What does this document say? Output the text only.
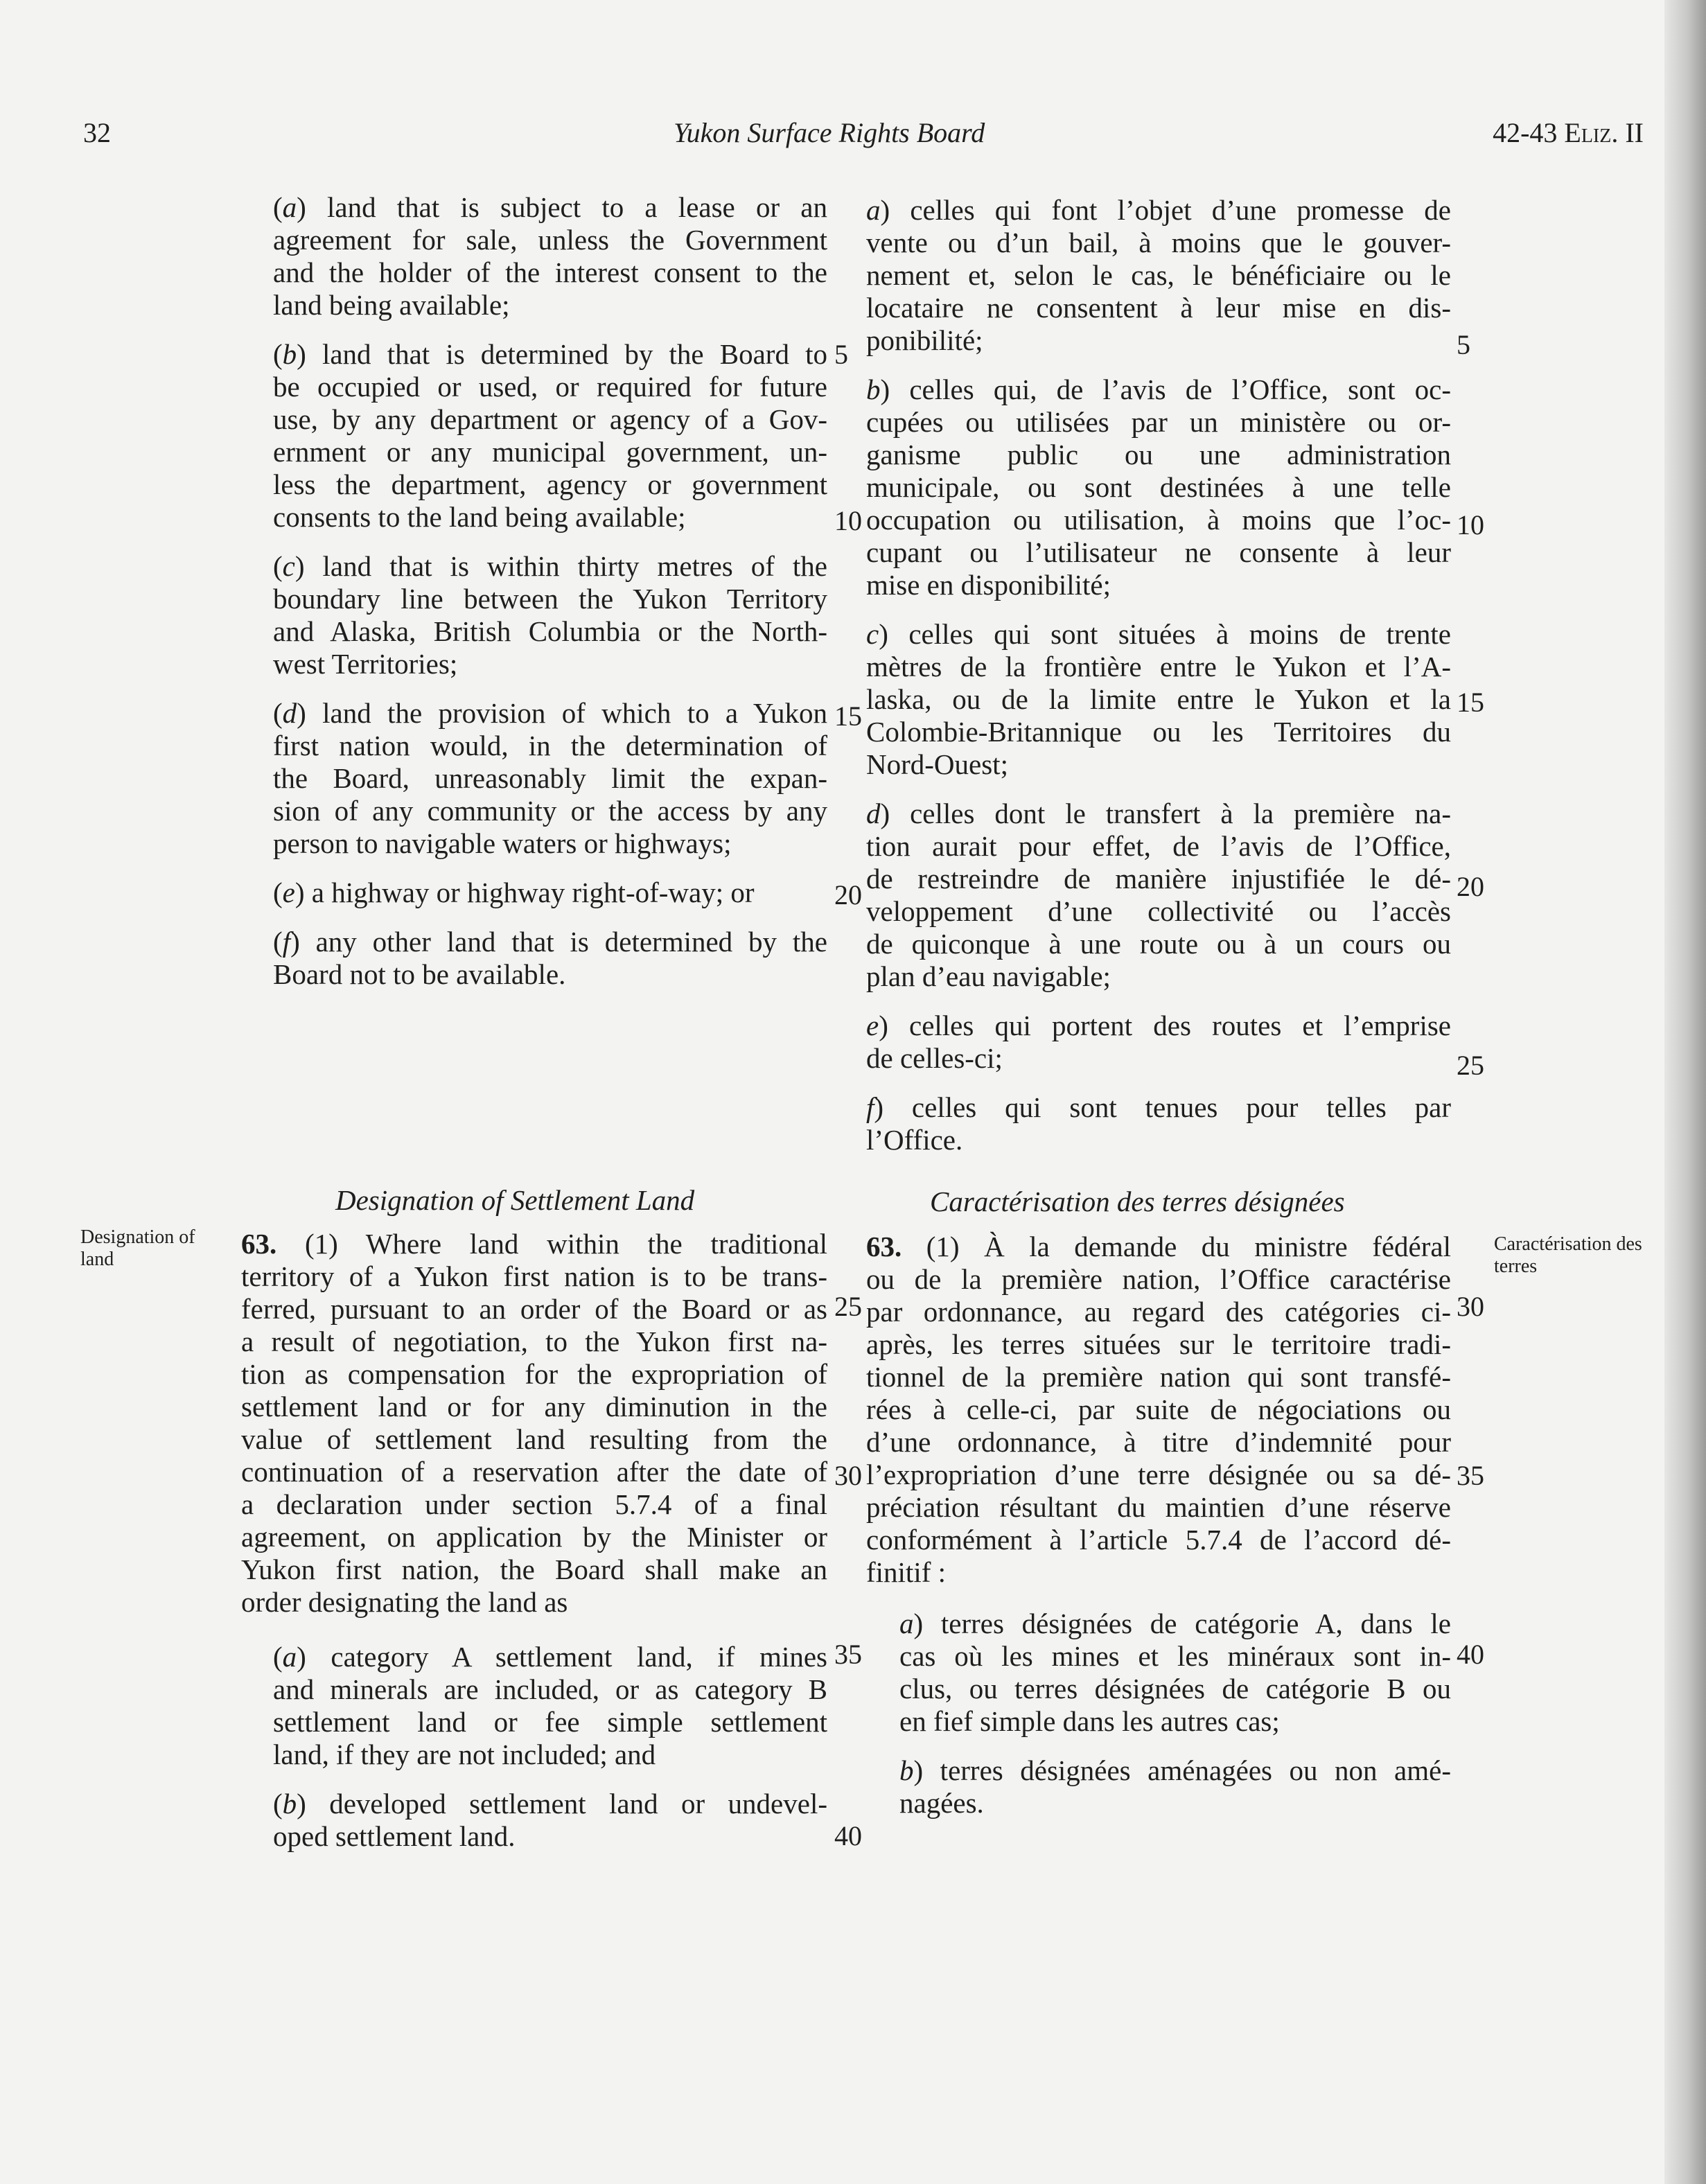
32	Yukon Surface Rights Board	42-43 Eliz. II

(a) land that is subject to a lease or an
agreement for sale, unless the Government
and the holder of the interest consent to the
land being available;

(b) land that is determined by the Board to
be occupied or used, or required for future
use, by any department or agency of a Gov-
ernment or any municipal government, un-
less the department, agency or government
consents to the land being available;

(c) land that is within thirty metres of the
boundary line between the Yukon Territory
and Alaska, British Columbia or the North-
west Territories;

(d) land the provision of which to a Yukon
first nation would, in the determination of
the Board, unreasonably limit the expan-
sion of any community or the access by any
person to navigable waters or highways;

(e) a highway or highway right-of-way; or

(f) any other land that is determined by the
Board not to be available.

a) celles qui font l’objet d’une promesse de
vente ou d’un bail, à moins que le gouver-
nement et, selon le cas, le bénéficiaire ou le
locataire ne consentent à leur mise en dis-
ponibilité;

b) celles qui, de l’avis de l’Office, sont oc-
cupées ou utilisées par un ministère ou or-
ganisme public ou une administration
municipale, ou sont destinées à une telle
occupation ou utilisation, à moins que l’oc-
cupant ou l’utilisateur ne consente à leur
mise en disponibilité;

c) celles qui sont situées à moins de trente
mètres de la frontière entre le Yukon et l’A-
laska, ou de la limite entre le Yukon et la
Colombie-Britannique ou les Territoires du
Nord-Ouest;

d) celles dont le transfert à la première na-
tion aurait pour effet, de l’avis de l’Office,
de restreindre de manière injustifiée le dé-
veloppement d’une collectivité ou l’accès
de quiconque à une route ou à un cours ou
plan d’eau navigable;

e) celles qui portent des routes et l’emprise
de celles-ci;

f) celles qui sont tenues pour telles par
l’Office.

Designation of Settlement Land	Caractérisation des terres désignées
Designation of land
Caractérisation des terres

63. (1) Where land within the traditional
territory of a Yukon first nation is to be trans-
ferred, pursuant to an order of the Board or as
a result of negotiation, to the Yukon first na-
tion as compensation for the expropriation of
settlement land or for any diminution in the
value of settlement land resulting from the
continuation of a reservation after the date of
a declaration under section 5.7.4 of a final
agreement, on application by the Minister or
Yukon first nation, the Board shall make an
order designating the land as

63. (1) À la demande du ministre fédéral
ou de la première nation, l’Office caractérise
par ordonnance, au regard des catégories ci-
après, les terres situées sur le territoire tradi-
tionnel de la première nation qui sont transfé-
rées à celle-ci, par suite de négociations ou
d’une ordonnance, à titre d’indemnité pour
l’expropriation d’une terre désignée ou sa dé-
préciation résultant du maintien d’une réserve
conformément à l’article 5.7.4 de l’accord dé-
finitif :

(a) category A settlement land, if mines
and minerals are included, or as category B
settlement land or fee simple settlement
land, if they are not included; and

(b) developed settlement land or undevel-
oped settlement land.

a) terres désignées de catégorie A, dans le
cas où les mines et les minéraux sont in-
clus, ou terres désignées de catégorie B ou
en fief simple dans les autres cas;

b) terres désignées aménagées ou non amé-
nagées.

5
10
15
20
25
30
35
40
5
10
15
20
25
30
35
40
